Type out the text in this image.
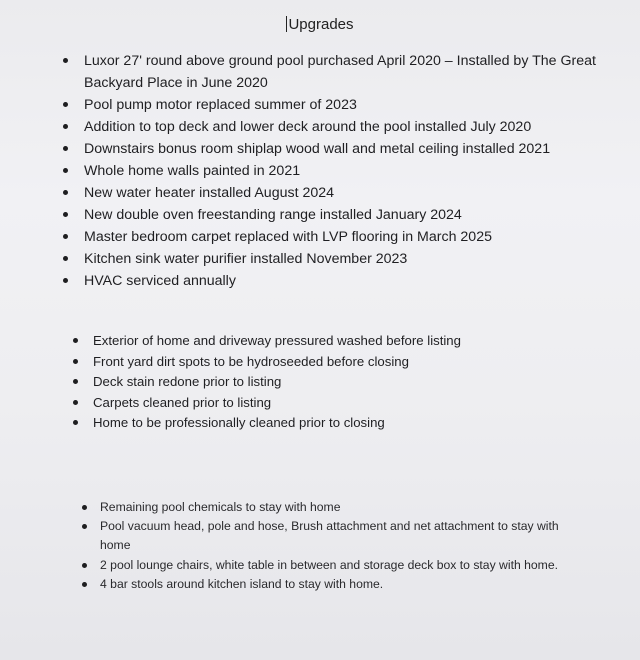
Upgrades
Luxor 27' round above ground pool purchased April 2020 – Installed by The Great Backyard Place in June 2020
Pool pump motor replaced summer of 2023
Addition to top deck and lower deck around the pool installed July 2020
Downstairs bonus room shiplap wood wall and metal ceiling installed 2021
Whole home walls painted in 2021
New water heater installed August 2024
New double oven freestanding range installed January 2024
Master bedroom carpet replaced with LVP flooring in March 2025
Kitchen sink water purifier installed November 2023
HVAC serviced annually
Exterior of home and driveway pressured washed before listing
Front yard dirt spots to be hydroseeded before closing
Deck stain redone prior to listing
Carpets cleaned prior to listing
Home to be professionally cleaned prior to closing
Remaining pool chemicals to stay with home
Pool vacuum head, pole and hose, Brush attachment and net attachment to stay with home
2 pool lounge chairs, white table in between and storage deck box to stay with home.
4 bar stools around kitchen island to stay with home.
